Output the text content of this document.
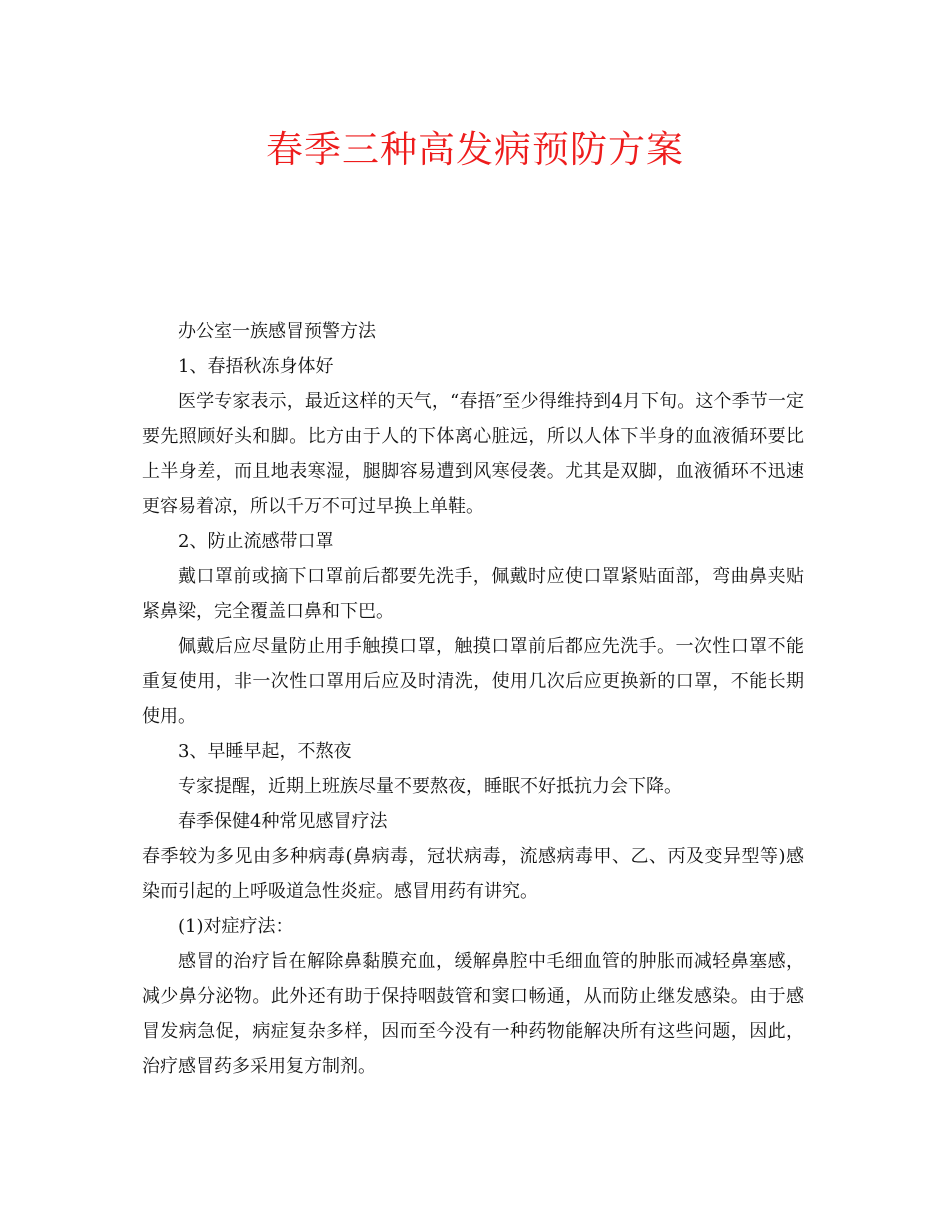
春季三种高发病预防方案

办公室一族感冒预警方法

1、春捂秋冻身体好

医学专家表示，最近这样的天气，“春捂″至少得维持到4月下旬。这个季节一定要先照顾好头和脚。比方由于人的下体离心脏远，所以人体下半身的血液循环要比上半身差，而且地表寒湿，腿脚容易遭到风寒侵袭。尤其是双脚，血液循环不迅速更容易着凉，所以千万不可过早换上单鞋。

2、防止流感带口罩

戴口罩前或摘下口罩前后都要先洗手，佩戴时应使口罩紧贴面部，弯曲鼻夹贴紧鼻梁，完全覆盖口鼻和下巴。

佩戴后应尽量防止用手触摸口罩，触摸口罩前后都应先洗手。一次性口罩不能重复使用，非一次性口罩用后应及时清洗，使用几次后应更换新的口罩，不能长期使用。

3、早睡早起，不熬夜

专家提醒，近期上班族尽量不要熬夜，睡眠不好抵抗力会下降。

春季保健4种常见感冒疗法

春季较为多见由多种病毒(鼻病毒，冠状病毒，流感病毒甲、乙、丙及变异型等)感染而引起的上呼吸道急性炎症。感冒用药有讲究。

(1)对症疗法：

感冒的治疗旨在解除鼻黏膜充血，缓解鼻腔中毛细血管的肿胀而减轻鼻塞感，减少鼻分泌物。此外还有助于保持咽鼓管和窦口畅通，从而防止继发感染。由于感冒发病急促，病症复杂多样，因而至今没有一种药物能解决所有这些问题，因此，治疗感冒药多采用复方制剂。
